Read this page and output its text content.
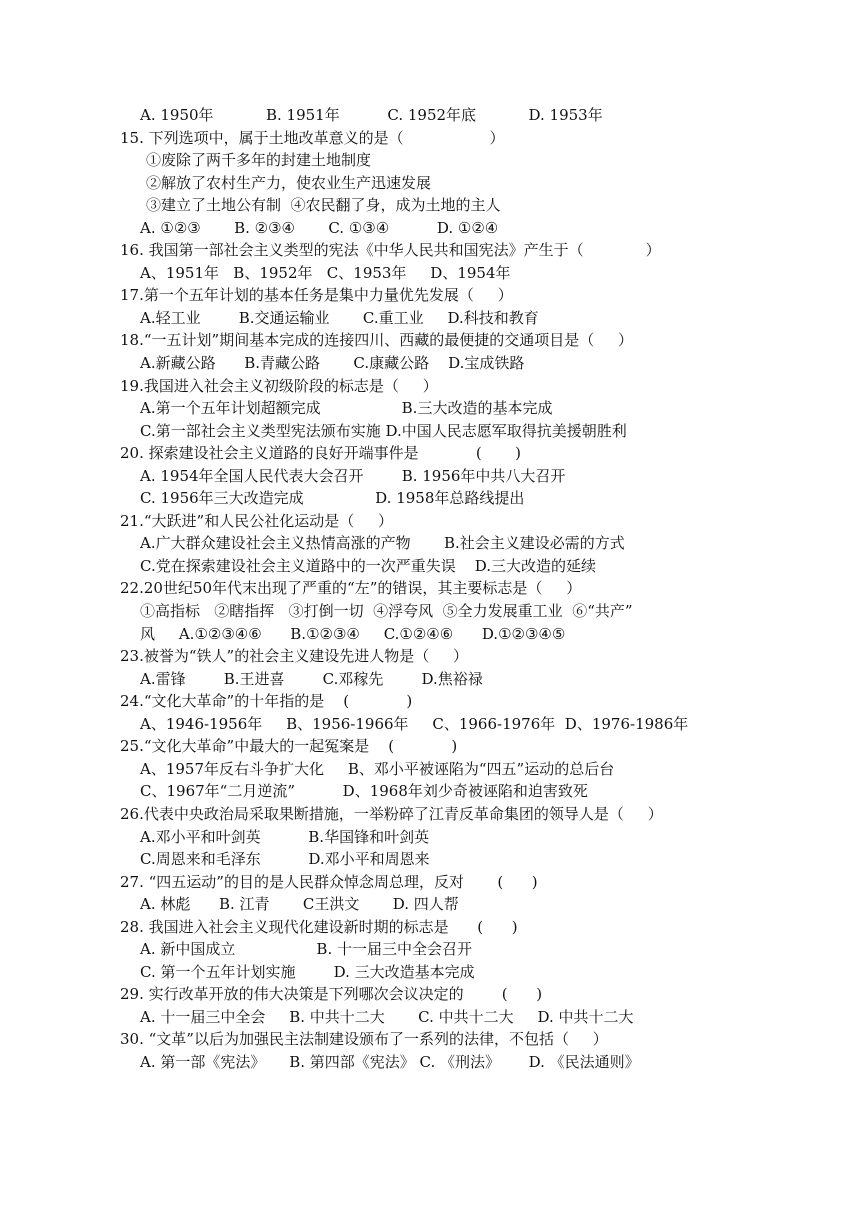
A. 1950年           B. 1951年          C. 1952年底           D. 1953年
15. 下列选项中，属于土地改革意义的是（                  ）
①废除了两千多年的封建土地制度
②解放了农村生产力，使农业生产迅速发展
③建立了土地公有制  ④农民翻了身，成为土地的主人
A. ①②③       B. ②③④       C. ①③④          D. ①②④
16. 我国第一部社会主义类型的宪法《中华人民共和国宪法》产生于（             ）
A、1951年   B、1952年   C、1953年     D、1954年
17.第一个五年计划的基本任务是集中力量优先发展（     ）
A.轻工业        B.交通运输业       C.重工业     D.科技和教育
18.“一五计划”期间基本完成的连接四川、西藏的最便捷的交通项目是（     ）
A.新藏公路      B.青藏公路       C.康藏公路    D.宝成铁路
19.我国进入社会主义初级阶段的标志是（     ）
A.第一个五年计划超额完成                 B.三大改造的基本完成
C.第一部社会主义类型宪法颁布实施 D.中国人民志愿军取得抗美援朝胜利
20. 探索建设社会主义道路的良好开端事件是            (       )
A. 1954年全国人民代表大会召开        B. 1956年中共八大召开
C. 1956年三大改造完成               D. 1958年总路线提出
21.“大跃进”和人民公社化运动是（     ）
A.广大群众建设社会主义热情高涨的产物       B.社会主义建设必需的方式
C.党在探索建设社会主义道路中的一次严重失误    D.三大改造的延续
22.20世纪50年代末出现了严重的“左”的错误，其主要标志是（     ）
①高指标   ②瞎指挥   ③打倒一切  ④浮夸风  ⑤全力发展重工业  ⑥“共产”
风     A.①②③④⑥      B.①②③④     C.①②④⑥      D.①②③④⑤
23.被誉为“铁人”的社会主义建设先进人物是（     ）
A.雷锋        B.王进喜        C.邓稼先        D.焦裕禄
24.“文化大革命”的十年指的是    (            )
A、1946-1956年     B、1956-1966年     C、1966-1976年  D、1976-1986年
25.“文化大革命”中最大的一起冤案是    (            )
A、1957年反右斗争扩大化     B、邓小平被诬陷为“四五”运动的总后台
C、1967年“二月逆流”          D、1968年刘少奇被诬陷和迫害致死
26.代表中央政治局采取果断措施，一举粉碎了江青反革命集团的领导人是（     ）
A.邓小平和叶剑英          B.华国锋和叶剑英
C.周恩来和毛泽东          D.邓小平和周恩来
27. “四五运动”的目的是人民群众悼念周总理，反对       (      )
A. 林彪      B. 江青       C王洪文       D. 四人帮
28. 我国进入社会主义现代化建设新时期的标志是      (      )
A. 新中国成立                 B. 十一届三中全会召开
C. 第一个五年计划实施        D. 三大改造基本完成
29. 实行改革开放的伟大决策是下列哪次会议决定的        (      )
A. 十一届三中全会     B. 中共十二大       C. 中共十二大     D. 中共十二大
30. “文革”以后为加强民主法制建设颁布了一系列的法律，不包括（     ）
A. 第一部《宪法》     B. 第四部《宪法》 C. 《刑法》      D. 《民法通则》
